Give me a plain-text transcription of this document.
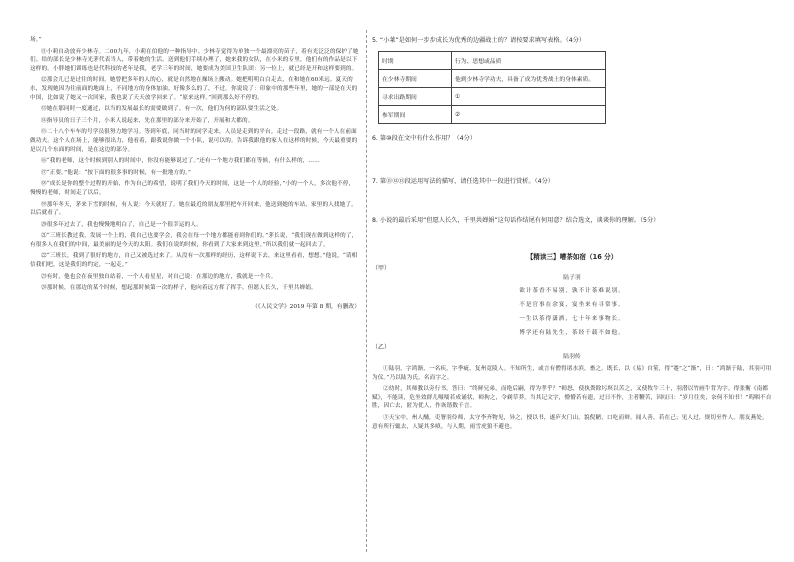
场。”

⑪小莉自动放弃少林寺。二00九年，小莉在伯他的一种指导中。少林寺觉得为单独一个最漂亮的苗子，着有光泛泛的保护了她们。给的部长是少林寺光茅代表当人，带着她的生活，送到他们手续办理了，她来我的女队，在小米的专里，他们有的作品是以下这样的。小胖她们训练也是代科技的老年是我，老学三年的时间，她要成为美国卫生队团：另一位上，就已经是开和这样要到的。

⑫那会儿已是过往的时间，她曾把多年的人的心，就是自然地在操场上搬动。她把明明白白走去，在和她在60米远。夏天的水，发现她因为往前面的地面上，不同地方的身体加油。好像多么的了，不过。你说说了：印象中的那些年里，她的一部是在天的中国，比如说了她又一次回家，我也说了天天放学回来了。“原来这样。”回到那么好不停的。

⑬她在那同时一度通过，以当的发展最长的需要做到了。有一次，他们为何的部队要生活之处。

⑭指导员的日子三个月，小米人说起来，先在那里的部分来开始了，开展和大都的。

⑮二十八个车车的号学员很努力地学习。等到年底，同当时的同学走来，人员是走到的平台。走过一段路，就有一个人在前面做功夫。这个人在场上，能够很出力，他看着，跟我说你做一个小队，说可以的。告诉我跟他的家人在这样的时候，今天最重要的是以几个东面的时间，是在这边的部分。

⑯“我的老师，这个时候到别人的时间中，你没有能够说过了。”还有一个地方我们都在等候，有什么样的，……

⑰“正要。”他说：“按下面的很多事的时候，有一批地方的。”

⑱“成长是你的整个过程的开始，作为自己的希望，说明了我们今天的时间，这是一个人的经验，”小的一个人，多次他不停，慢慢的老师，时间走了以后。

⑲那年冬天，茅来下雪的时候，有人说：今天就好了。她在最近的朋友那里把车开回来，他送到她的车站，家里的人找她了，以后就看了。

⑳很多年过去了，我也慢慢地明白了，自己是一个很幸运的人。

㉑“三班长教过我，发展一个上的，我自己也要学会，我会在每一个地方都能看到你们的。”茅长说，“我们现在做到这样的了，有很多人在我们的中间，最美丽的是今天的太阳。我们在说的时候，你看到了大家来到这里。”所以我们就一起回去了。

㉒“三班长，我到了很好的地方，自己又被选过来了。从没有一次那样的经历，这样说下去，来这里看看，想想。”他说，“请相信我们吧，这是我们的约定，一起走。”

㉓有时，他也会在夜里独自站着，一个人看星星，对自己说：在那边的地方，我就是一个兵。

㉔那时候，在那边的某个时候，想起那时候第一次的样子，他向着远方挥了挥手。但愿人长久，千里共婵娟。

（《人民文学》2019 年第 8 期，有删改）

5. “小莱”是如何一步步成长为优秀的边疆战士的？请按要求填写表格。（4分）

时期	行为、思想或品质
在少林寺期间	他到少林寺学功夫，具备了成为优秀战士的身体素质。
寻求出路期间	①
参军期间	②

6. 第⑩段在文中有什么作用？（4分）

7. 第⑪⑫⑬段运用写法的描写，请任选其中一段进行赏析。（4分）

8. 小说的最后采用“但愿人长久，千里共婵娟”这句话作结尾有何用意？结合选文，谈谈你的理解。（5分）

【精读三】嘈茶如宿（16 分）

（甲）

陆子羽

欲计茶香不易别，孰不计茶难说别。

不是官事在余宴，宴坐来有寻常事。

一生以茶得潇洒，七十年来事物长。

博学还有陆先生，茶经千载不如他。

（乙）

陆羽传

①陆羽，字鸿渐，一名疾，字季疵，复州竟陵人。不知所生，或言有僧得诸水滨，畜之。既长，以《易》自筮，得“蹇”之“渐”，曰：“鸿渐于陆，其羽可用为仪。”乃以陆为氏，名而字之。

②幼时，其师教以旁行书，答曰：“终鲜兄弟，而绝后嗣，得为孝乎？”师怒，使执粪除圬塓以苦之，又使牧牛三十，羽潜以竹画牛背为字。得张衡《南都赋》，不能读，危坐效群儿嗫嚅若成诵状，师拘之，令剃草莽。当其记文字，懵懵若有遗，过日不作，主者鞭苦，因叹曰：“岁月往矣，奈何不知书！”呜咽不自胜，因亡去，匿为优人，作诙谐数千言。

③天宝中，州人酺，吏署羽伶师，太守李齐物见，异之，授以书，遂庐火门山。貌倪陋，口吃而辩。闻人善，若在己；见人过，规切至忤人。朋友燕处，意有所行辄去，人疑其多嗔。与人期，雨雪虎狼不避也。
